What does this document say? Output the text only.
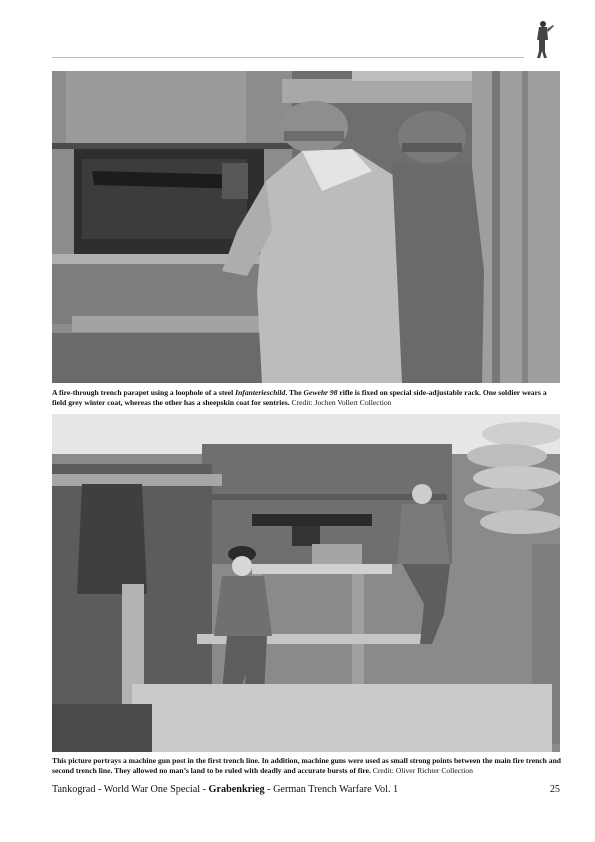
A fire-through trench parapet using a loophole of a steel Infanterieschild. The Gewehr 98 rifle is fixed on special side-adjustable rack. One soldier wears a field grey winter coat, whereas the other has a sheepskin coat for sentries. Credit: Jochen Vollert Collection
This picture portrays a machine gun post in the first trench line. In addition, machine guns were used as small strong points between the main fire trench and second trench line. They allowed no man’s land to be ruled with deadly and accurate bursts of fire. Credit: Oliver Richter Collection
Tankograd - World War One Special - Grabenkrieg - German Trench Warfare Vol. 1	25
